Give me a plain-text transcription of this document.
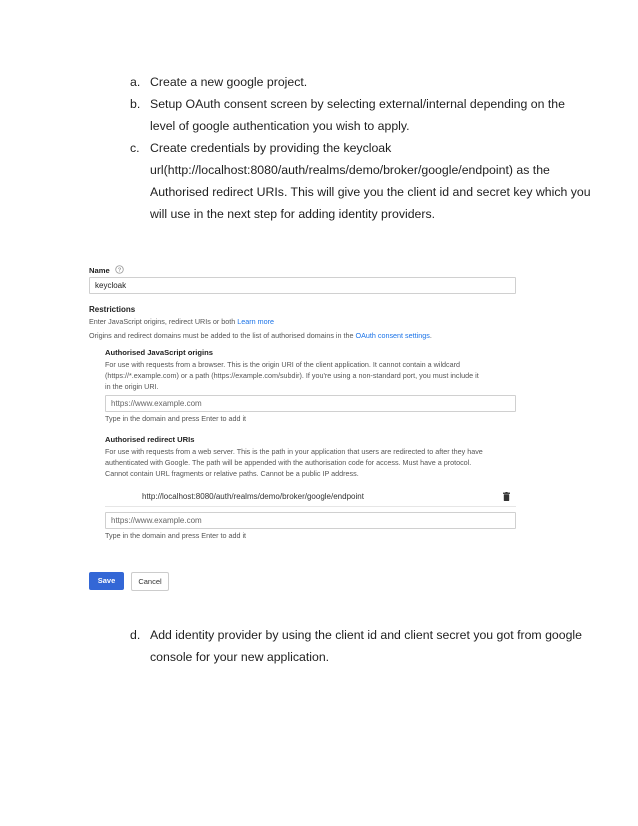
a. Create a new google project.
b. Setup OAuth consent screen by selecting external/internal depending on the
level of google authentication you wish to apply.
c. Create credentials by providing the keycloak
url(http://localhost:8080/auth/realms/demo/broker/google/endpoint) as the
Authorised redirect URIs. This will give you the client id and secret key which you
will use in the next step for adding identity providers.
d. Add identity provider by using the client id and client secret you got from google
console for your new application.
Name ?
keycloak
Restrictions
Enter JavaScript origins, redirect URIs or both Learn more
Origins and redirect domains must be added to the list of authorised domains in the OAuth consent settings.
Authorised JavaScript origins
For use with requests from a browser. This is the origin URI of the client application. It cannot contain a wildcard
(https://*.example.com) or a path (https://example.com/subdir). If you're using a non-standard port, you must include it
in the origin URI.
https://www.example.com
Type in the domain and press Enter to add it
Authorised redirect URIs
For use with requests from a web server. This is the path in your application that users are redirected to after they have
authenticated with Google. The path will be appended with the authorisation code for access. Must have a protocol.
Cannot contain URL fragments or relative paths. Cannot be a public IP address.
http://localhost:8080/auth/realms/demo/broker/google/endpoint
https://www.example.com
Type in the domain and press Enter to add it
Save	Cancel
